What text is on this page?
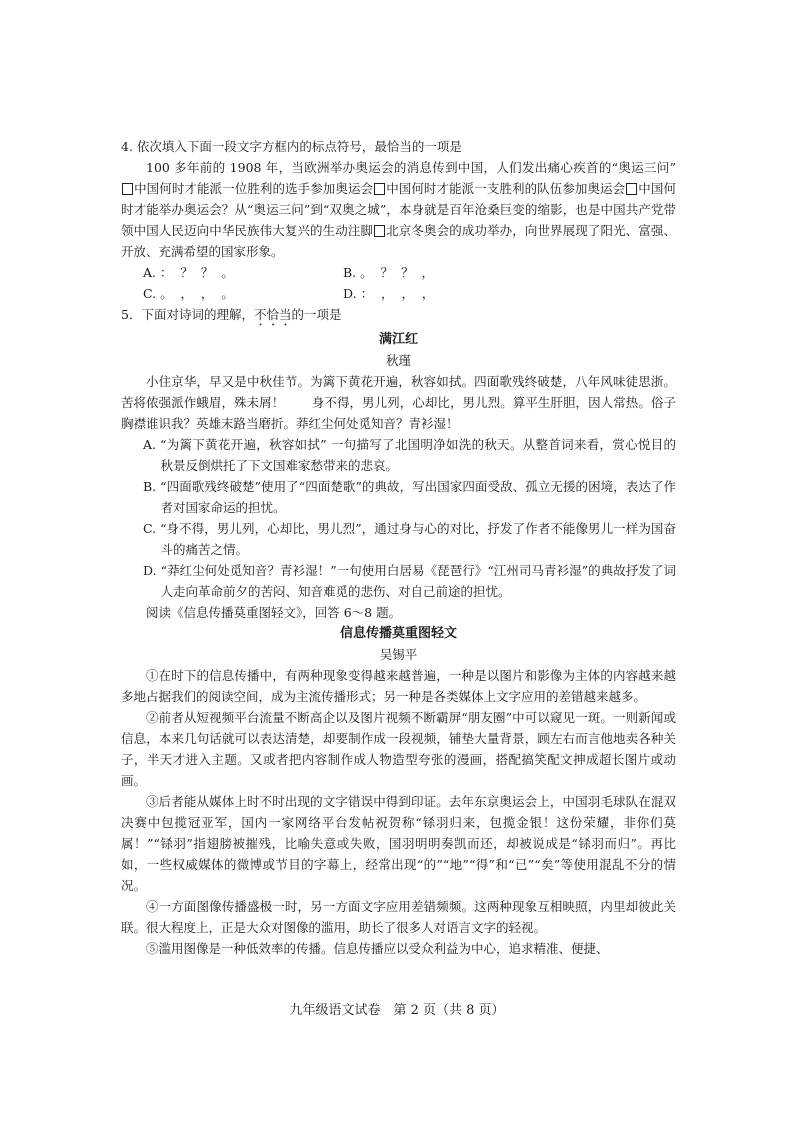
4. 依次填入下面一段文字方框内的标点符号，最恰当的一项是

100 多年前的 1908 年，当欧洲举办奥运会的消息传到中国，人们发出痛心疾首的“奥运三问”中国何时才能派一位胜利的选手参加奥运会 中国何时才能派一支胜利的队伍参加奥运会 中国何时才能举办奥运会？从“奥运三问”到“双奥之城”，本身就是百年沧桑巨变的缩影，也是中国共产党带领中国人民迈向中华民族伟大复兴的生动注脚 北京冬奥会的成功举办，向世界展现了阳光、富强、开放、充满希望的国家形象。

A. ：  ？  ？  。	B. 。  ？  ？  ，
C. 。  ，  ，  。	D. ：  ，  ，  ，

5．下面对诗词的理解，不恰当的一项是

满江红

秋瑾

小住京华，早又是中秋佳节。为篱下黄花开遍，秋容如拭。四面歌残终破楚，八年风味徒思浙。苦将侬强派作蛾眉，殊未屑！ 身不得，男儿列，心却比，男儿烈。算平生肝胆，因人常热。俗子胸襟谁识我？英雄末路当磨折。莽红尘何处觅知音？青衫湿！

A. “为篱下黄花开遍，秋容如拭” 一句描写了北国明净如洗的秋天。从整首词来看，赏心悦目的秋景反倒烘托了下文国难家愁带来的悲哀。

B. “四面歌残终破楚”使用了“四面楚歌”的典故，写出国家四面受敌、孤立无援的困境，表达了作者对国家命运的担忧。

C. “身不得，男儿列，心却比，男儿烈”，通过身与心的对比，抒发了作者不能像男儿一样为国奋斗的痛苦之情。

D. “莽红尘何处觅知音？青衫湿！”一句使用白居易《琵琶行》“江州司马青衫湿”的典故抒发了词人走向革命前夕的苦闷、知音难觅的悲伤、对自己前途的担忧。

阅读《信息传播莫重图轻文》，回答 6～8 题。

信息传播莫重图轻文

吴锡平

①在时下的信息传播中，有两种现象变得越来越普遍，一种是以图片和影像为主体的内容越来越多地占据我们的阅读空间，成为主流传播形式；另一种是各类媒体上文字应用的差错越来越多。

②前者从短视频平台流量不断高企以及图片视频不断霸屏“朋友圈”中可以窥见一斑。一则新闻或信息，本来几句话就可以表达清楚，却要制作成一段视频，铺垫大量背景，顾左右而言他地卖各种关子，半天才进入主题。又或者把内容制作成人物造型夸张的漫画，搭配搞笑配文抻成超长图片或动画。

③后者能从媒体上时不时出现的文字错误中得到印证。去年东京奥运会上，中国羽毛球队在混双决赛中包揽冠亚军，国内一家网络平台发帖祝贺称“铩羽归来，包揽金银！这份荣耀，非你们莫属！”“铩羽”指翅膀被摧残，比喻失意或失败，国羽明明奏凯而还，却被说成是“铩羽而归”。再比如，一些权威媒体的微博或节目的字幕上，经常出现“的”“地”“得”和“已”“矣”等使用混乱不分的情况。

④一方面图像传播盛极一时，另一方面文字应用差错频频。这两种现象互相映照，内里却彼此关联。很大程度上，正是大众对图像的滥用，助长了很多人对语言文字的轻视。

⑤滥用图像是一种低效率的传播。信息传播应以受众利益为中心，追求精准、便捷、

九年级语文试卷　第 2 页（共 8 页）
